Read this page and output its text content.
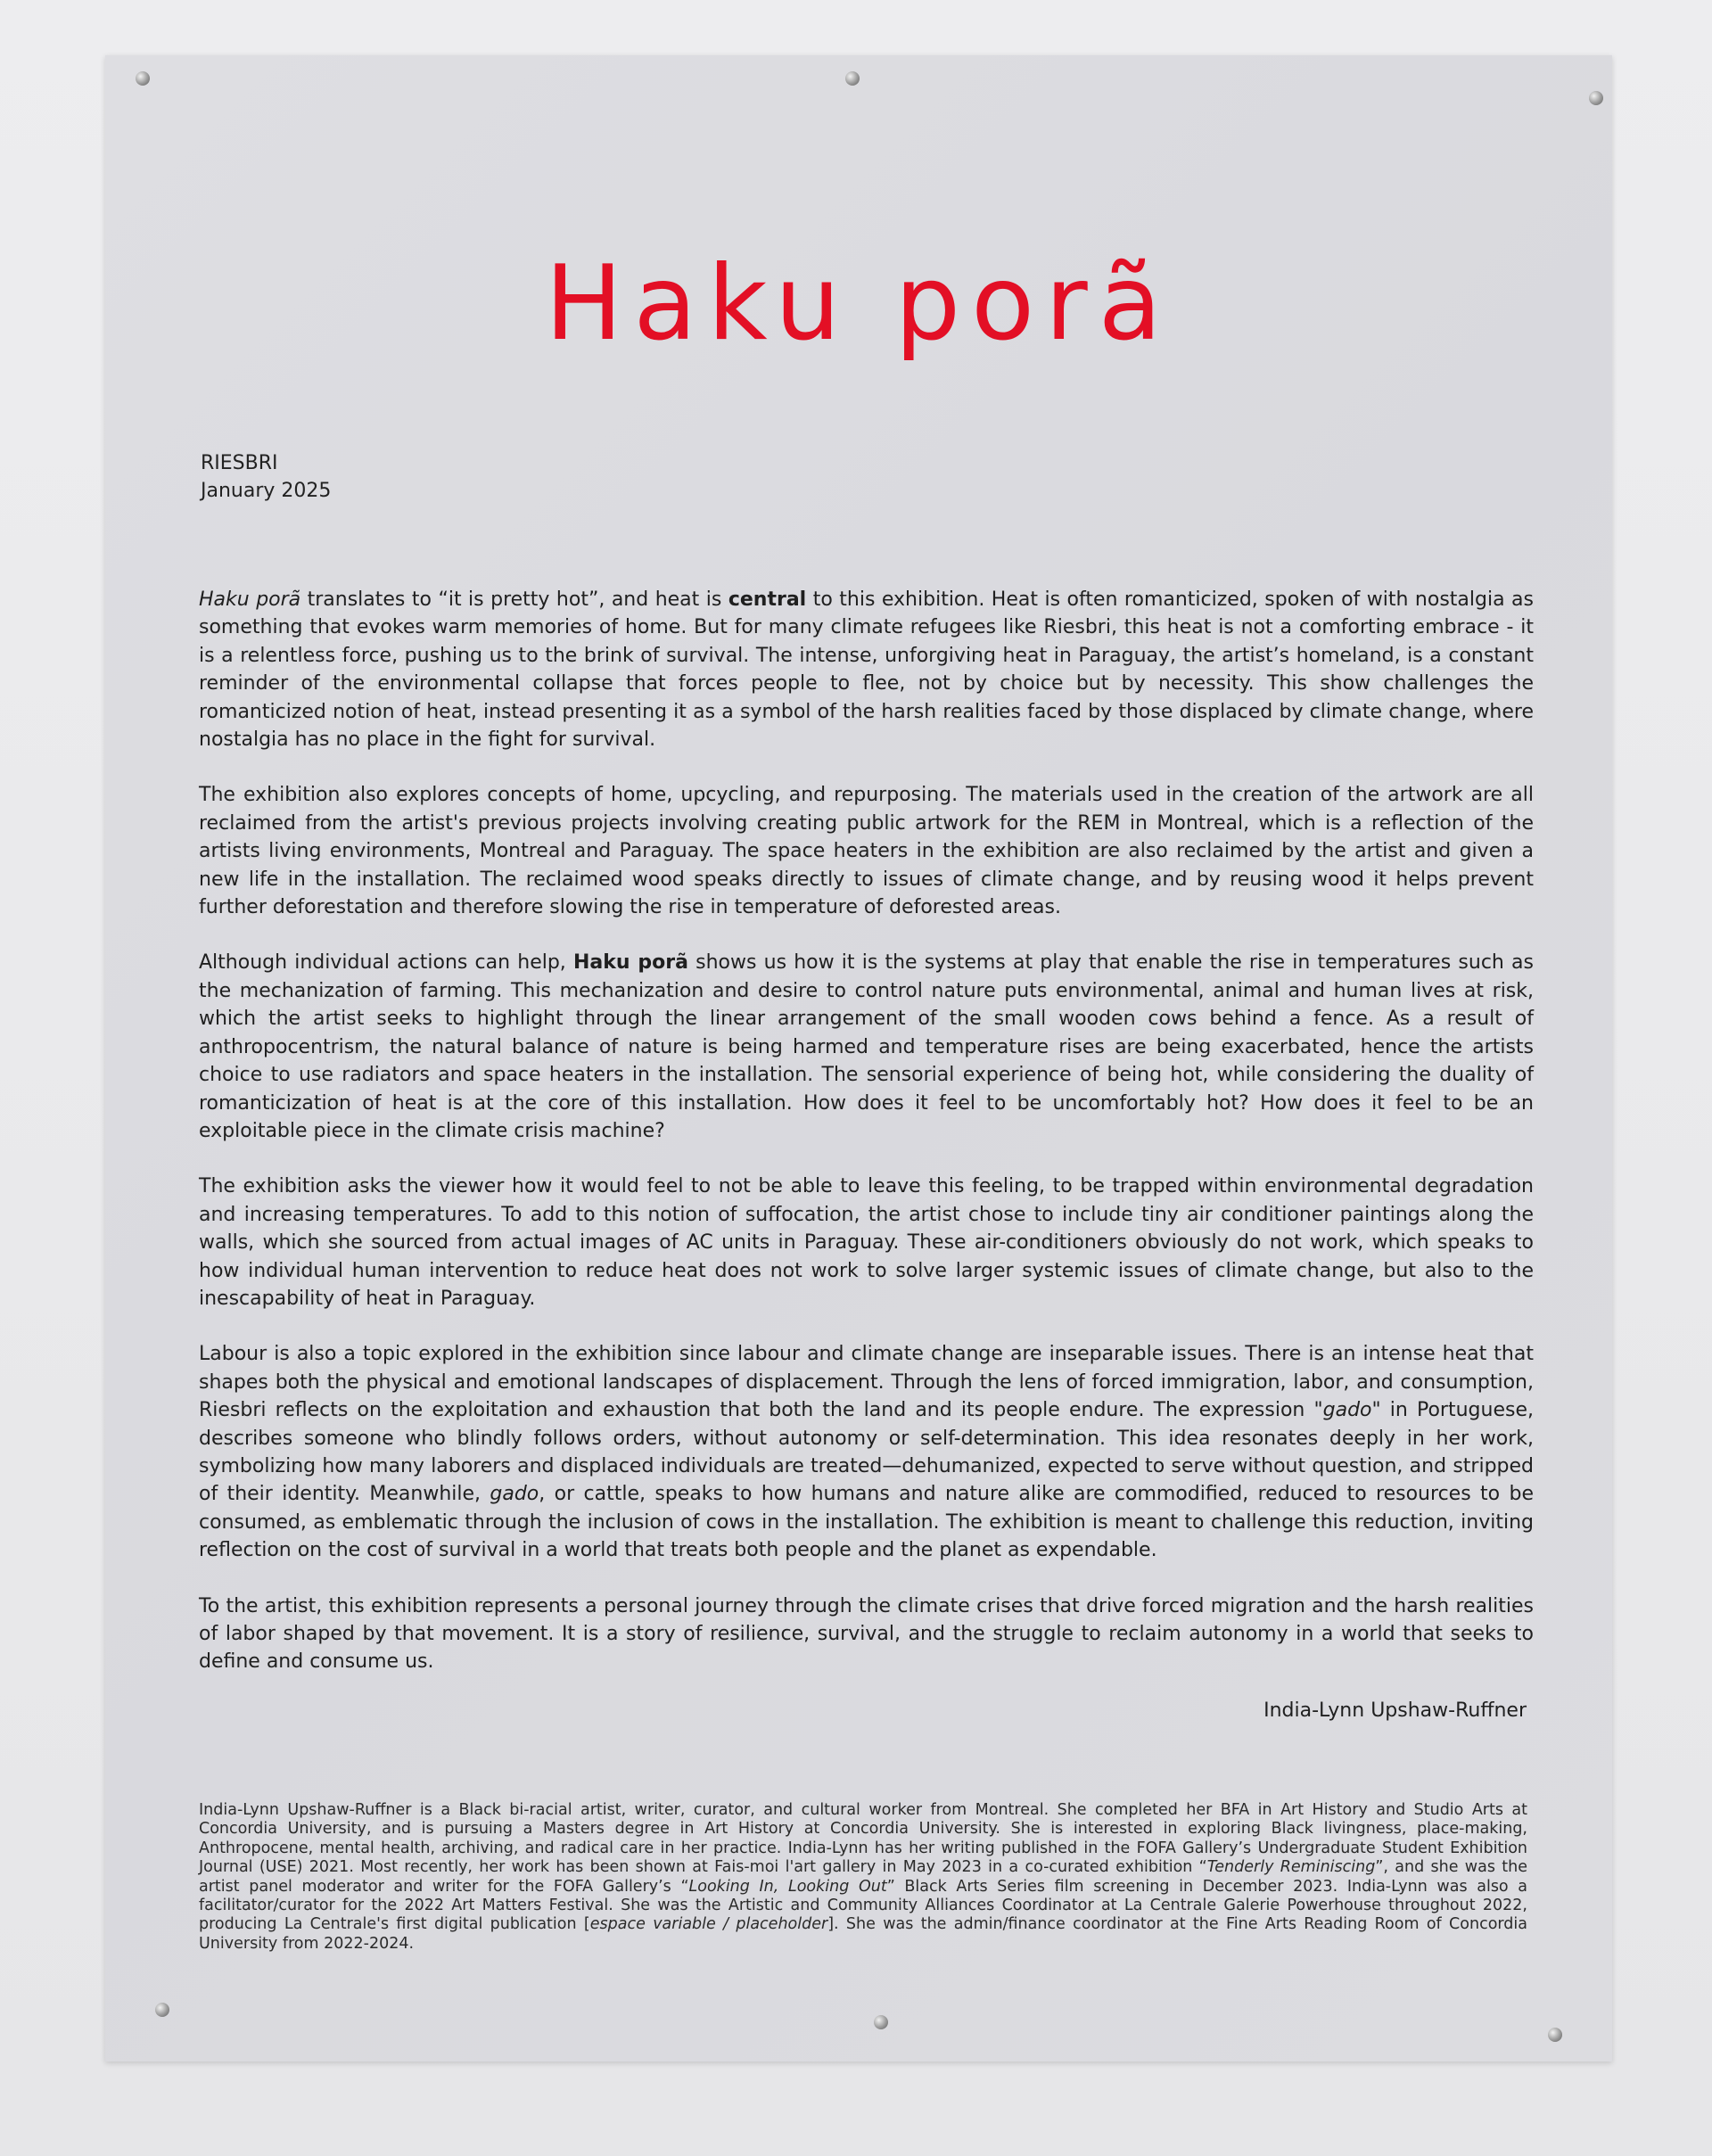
Haku porã
RIESBRI
January 2025

Haku porã translates to “it is pretty hot”, and heat is central to this exhibition. Heat is often romanticized, spoken of with nostalgia as something that evokes warm memories of home. But for many climate refugees like Riesbri, this heat is not a comforting embrace - it is a relentless force, pushing us to the brink of survival. The intense, unforgiving heat in Paraguay, the artist’s homeland, is a constant reminder of the environmental collapse that forces people to flee, not by choice but by necessity. This show challenges the romanticized notion of heat, instead presenting it as a symbol of the harsh realities faced by those displaced by climate change, where nostalgia has no place in the fight for survival.

The exhibition also explores concepts of home, upcycling, and repurposing. The materials used in the creation of the artwork are all reclaimed from the artist's previous projects involving creating public artwork for the REM in Montreal, which is a reflection of the artists living environments, Montreal and Paraguay. The space heaters in the exhibition are also reclaimed by the artist and given a new life in the installation. The reclaimed wood speaks directly to issues of climate change, and by reusing wood it helps prevent further deforestation and therefore slowing the rise in temperature of deforested areas.

Although individual actions can help, Haku porã shows us how it is the systems at play that enable the rise in temperatures such as the mechanization of farming. This mechanization and desire to control nature puts environmental, animal and human lives at risk, which the artist seeks to highlight through the linear arrangement of the small wooden cows behind a fence. As a result of anthropocentrism, the natural balance of nature is being harmed and temperature rises are being exacerbated, hence the artists choice to use radiators and space heaters in the installation. The sensorial experience of being hot, while considering the duality of romanticization of heat is at the core of this installation. How does it feel to be uncomfortably hot? How does it feel to be an exploitable piece in the climate crisis machine?

The exhibition asks the viewer how it would feel to not be able to leave this feeling, to be trapped within environmental degradation and increasing temperatures. To add to this notion of suffocation, the artist chose to include tiny air conditioner paintings along the walls, which she sourced from actual images of AC units in Paraguay. These air-conditioners obviously do not work, which speaks to how individual human intervention to reduce heat does not work to solve larger systemic issues of climate change, but also to the inescapability of heat in Paraguay.

Labour is also a topic explored in the exhibition since labour and climate change are inseparable issues. There is an intense heat that shapes both the physical and emotional landscapes of displacement. Through the lens of forced immigration, labor, and consumption, Riesbri reflects on the exploitation and exhaustion that both the land and its people endure. The expression "gado" in Portuguese, describes someone who blindly follows orders, without autonomy or self-determination. This idea resonates deeply in her work, symbolizing how many laborers and displaced individuals are treated—dehumanized, expected to serve without question, and stripped of their identity. Meanwhile, gado, or cattle, speaks to how humans and nature alike are commodified, reduced to resources to be consumed, as emblematic through the inclusion of cows in the installation. The exhibition is meant to challenge this reduction, inviting reflection on the cost of survival in a world that treats both people and the planet as expendable.

To the artist, this exhibition represents a personal journey through the climate crises that drive forced migration and the harsh realities of labor shaped by that movement. It is a story of resilience, survival, and the struggle to reclaim autonomy in a world that seeks to define and consume us.

India-Lynn Upshaw-Ruffner

India-Lynn Upshaw-Ruffner is a Black bi-racial artist, writer, curator, and cultural worker from Montreal. She completed her BFA in Art History and Studio Arts at Concordia University, and is pursuing a Masters degree in Art History at Concordia University. She is interested in exploring Black livingness, place-making, Anthropocene, mental health, archiving, and radical care in her practice. India-Lynn has her writing published in the FOFA Gallery’s Undergraduate Student Exhibition Journal (USE) 2021. Most recently, her work has been shown at Fais-moi l'art gallery in May 2023 in a co-curated exhibition “Tenderly Reminiscing”, and she was the artist panel moderator and writer for the FOFA Gallery’s “Looking In, Looking Out” Black Arts Series film screening in December 2023. India-Lynn was also a facilitator/curator for the 2022 Art Matters Festival. She was the Artistic and Community Alliances Coordinator at La Centrale Galerie Powerhouse throughout 2022, producing La Centrale's first digital publication [espace variable / placeholder]. She was the admin/finance coordinator at the Fine Arts Reading Room of Concordia University from 2022-2024.
